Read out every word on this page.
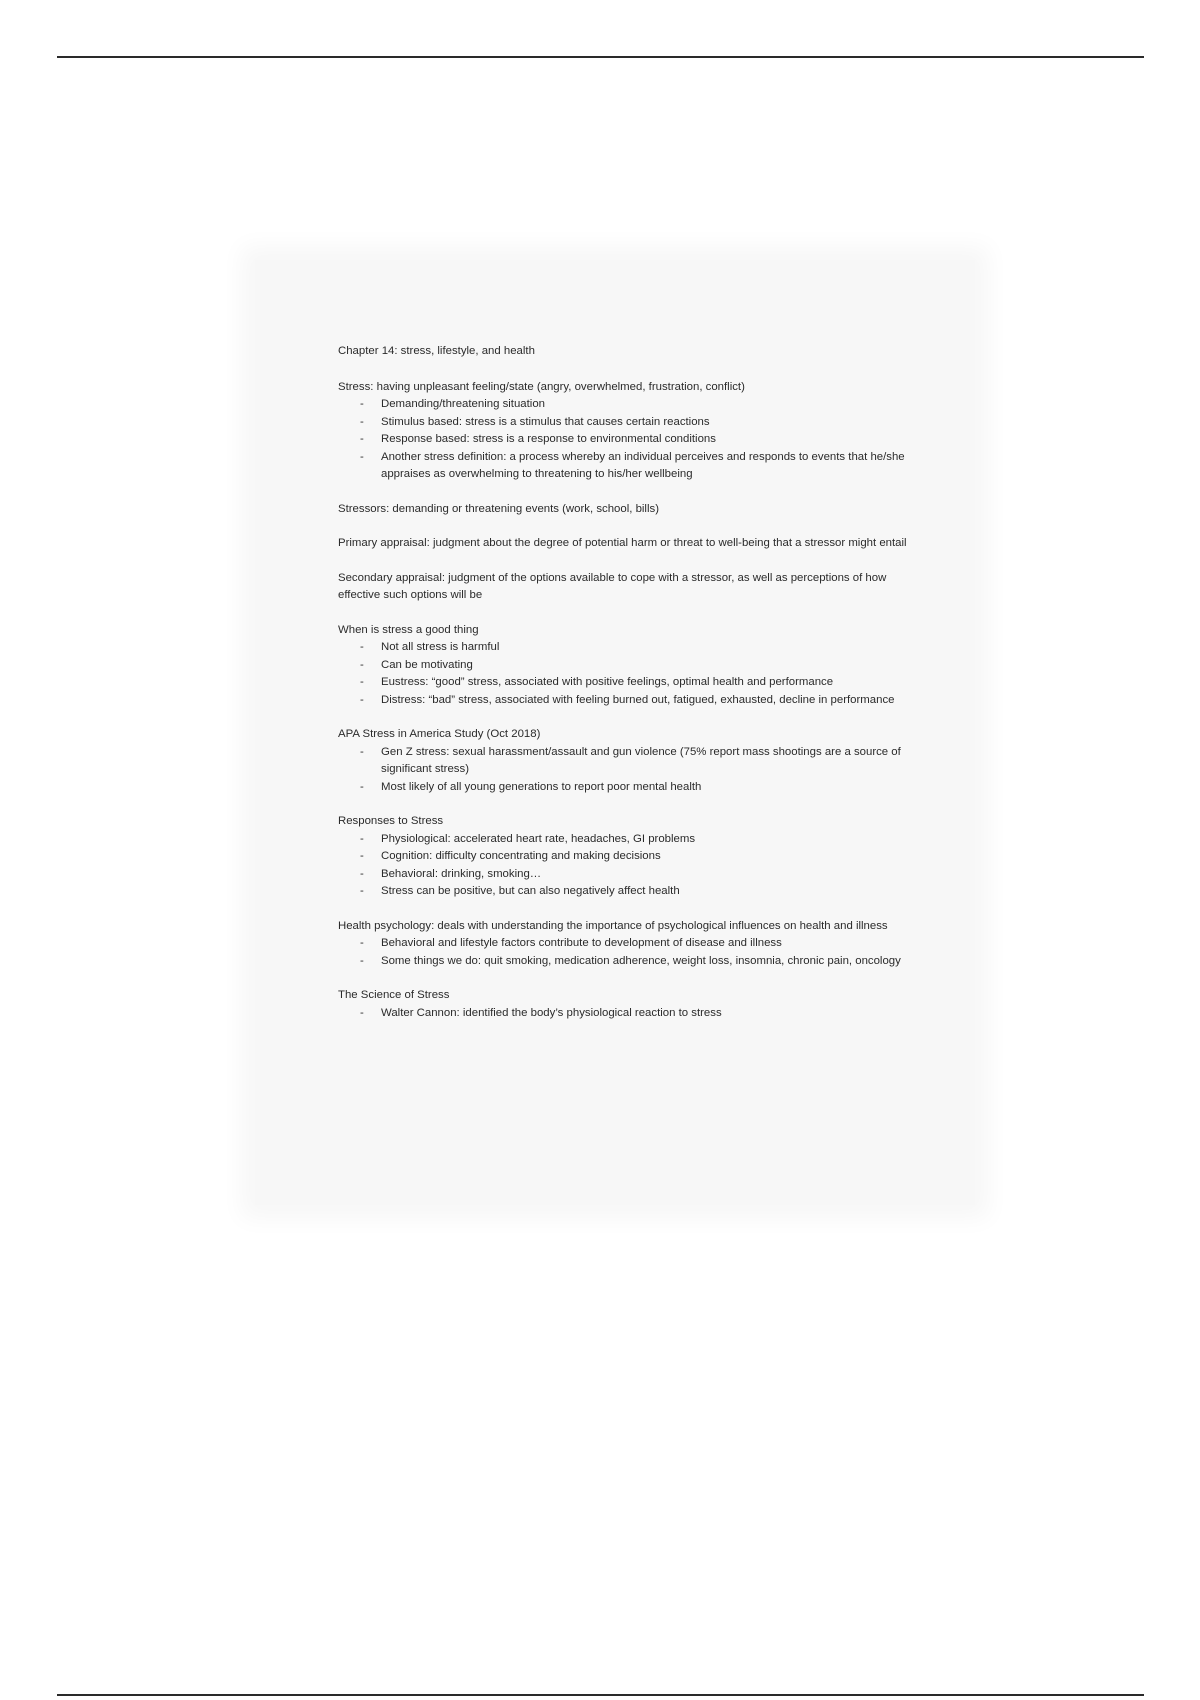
Chapter 14: stress, lifestyle, and health

Stress: having unpleasant feeling/state (angry, overwhelmed, frustration, conflict)

- Demanding/threatening situation
- Stimulus based: stress is a stimulus that causes certain reactions
- Response based: stress is a response to environmental conditions
- Another stress definition: a process whereby an individual perceives and responds to events that he/she appraises as overwhelming to threatening to his/her wellbeing

Stressors: demanding or threatening events (work, school, bills)

Primary appraisal: judgment about the degree of potential harm or threat to well-being that a stressor might entail

Secondary appraisal: judgment of the options available to cope with a stressor, as well as perceptions of how effective such options will be

When is stress a good thing

- Not all stress is harmful
- Can be motivating
- Eustress: “good” stress, associated with positive feelings, optimal health and performance
- Distress: “bad” stress, associated with feeling burned out, fatigued, exhausted, decline in performance

APA Stress in America Study (Oct 2018)

- Gen Z stress: sexual harassment/assault and gun violence (75% report mass shootings are a source of significant stress)
- Most likely of all young generations to report poor mental health

Responses to Stress

- Physiological: accelerated heart rate, headaches, GI problems
- Cognition: difficulty concentrating and making decisions
- Behavioral: drinking, smoking…
- Stress can be positive, but can also negatively affect health

Health psychology: deals with understanding the importance of psychological influences on health and illness

- Behavioral and lifestyle factors contribute to development of disease and illness
- Some things we do: quit smoking, medication adherence, weight loss, insomnia, chronic pain, oncology

The Science of Stress

- Walter Cannon: identified the body’s physiological reaction to stress
